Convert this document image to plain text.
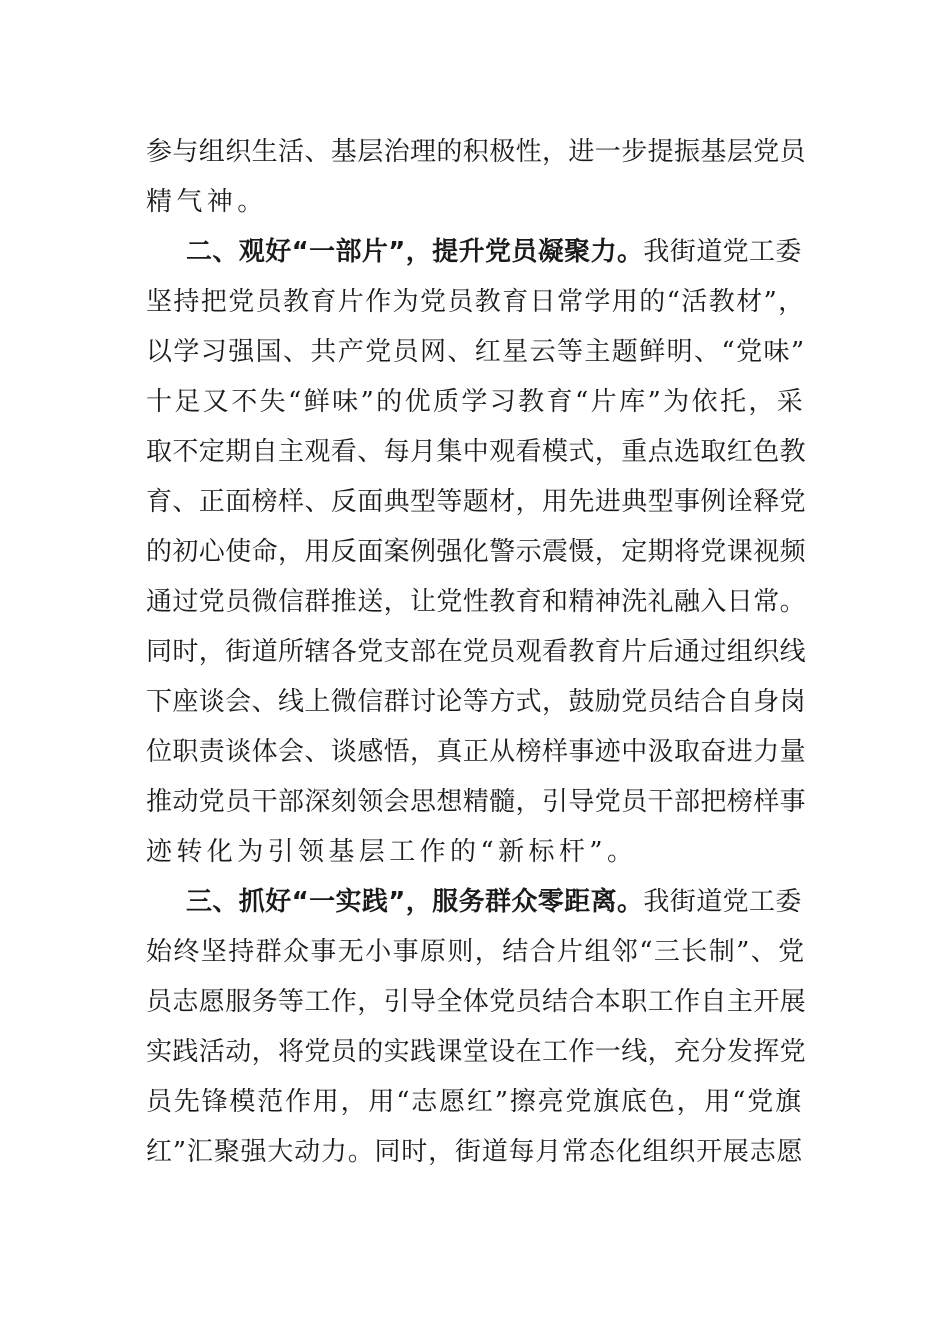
参与组织生活、基层治理的积极性，进一步提振基层党员
精气神。
二、观好“一部片”，提升党员凝聚力。我街道党工委
坚持把党员教育片作为党员教育日常学用的“活教材”，
以学习强国、共产党员网、红星云等主题鲜明、“党味”
十足又不失“鲜味”的优质学习教育“片库”为依托，采
取不定期自主观看、每月集中观看模式，重点选取红色教
育、正面榜样、反面典型等题材，用先进典型事例诠释党
的初心使命，用反面案例强化警示震慑，定期将党课视频
通过党员微信群推送，让党性教育和精神洗礼融入日常。
同时，街道所辖各党支部在党员观看教育片后通过组织线
下座谈会、线上微信群讨论等方式，鼓励党员结合自身岗
位职责谈体会、谈感悟，真正从榜样事迹中汲取奋进力量
推动党员干部深刻领会思想精髓，引导党员干部把榜样事
迹转化为引领基层工作的“新标杆”。
三、抓好“一实践”，服务群众零距离。我街道党工委
始终坚持群众事无小事原则，结合片组邻“三长制”、党
员志愿服务等工作，引导全体党员结合本职工作自主开展
实践活动，将党员的实践课堂设在工作一线，充分发挥党
员先锋模范作用，用“志愿红”擦亮党旗底色，用“党旗
红”汇聚强大动力。同时，街道每月常态化组织开展志愿
